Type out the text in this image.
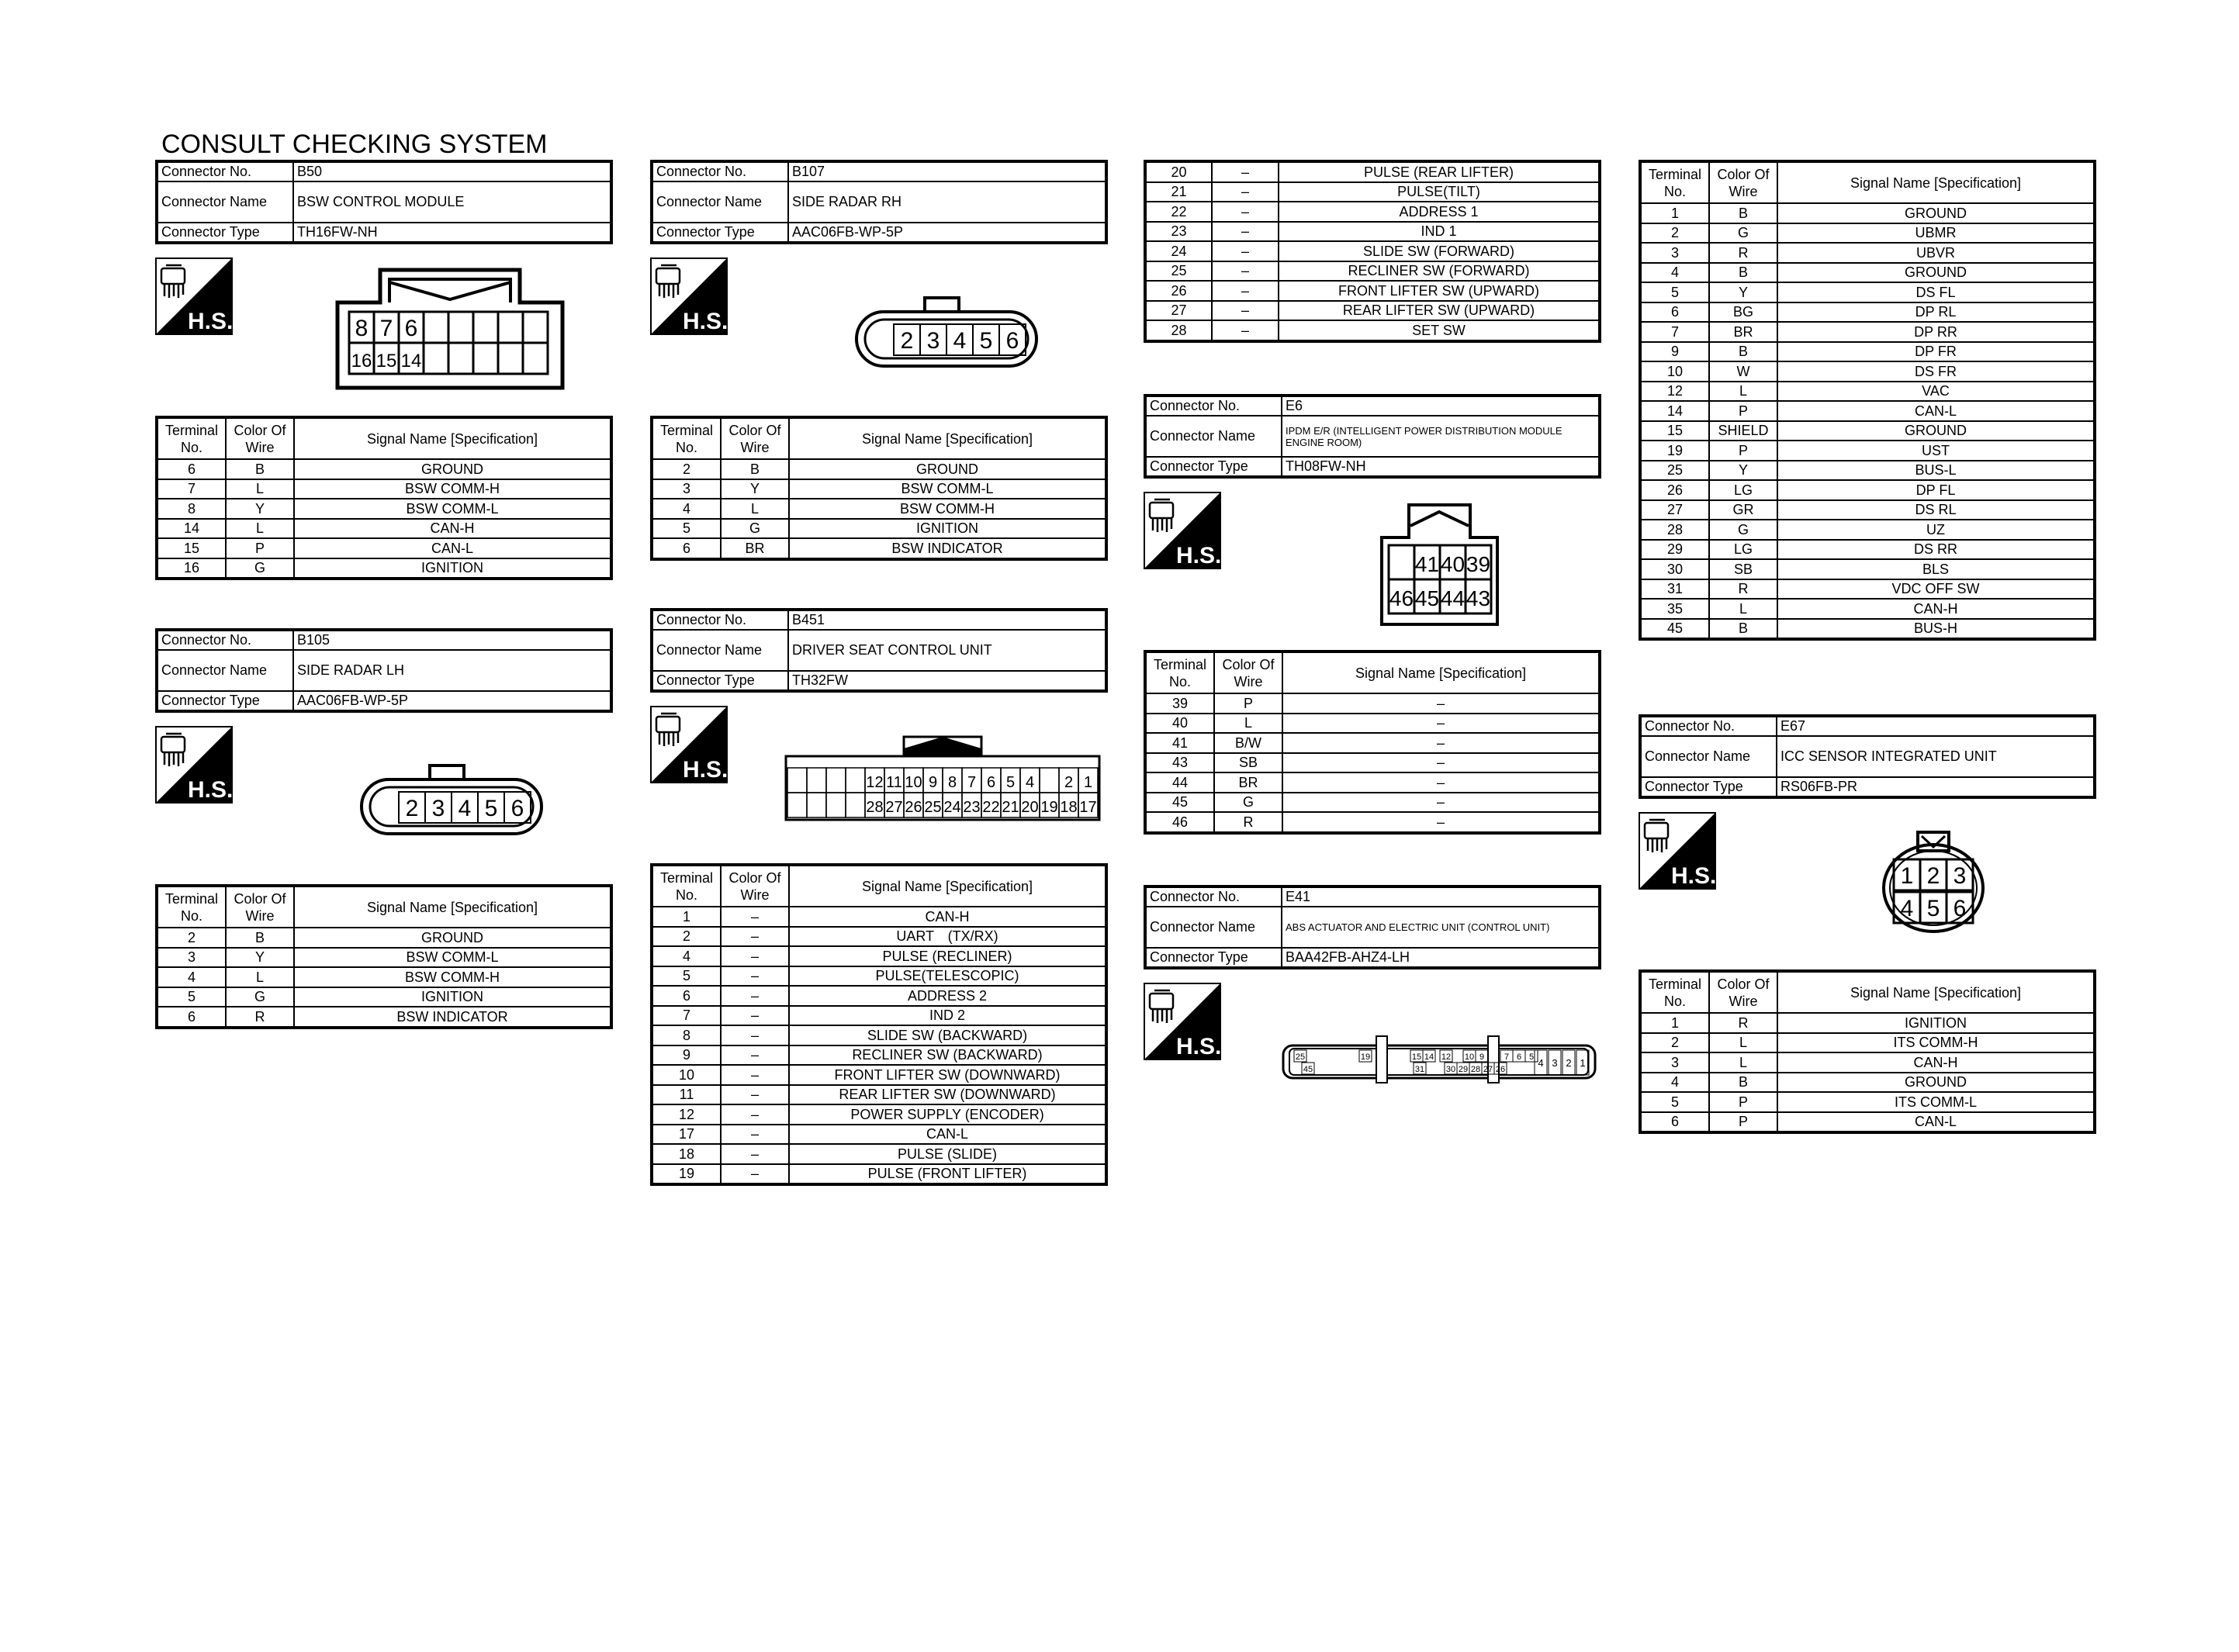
CONSULT CHECKING SYSTEM
Connector No.	B50
Connector Name	BSW CONTROL MODULE
Connector Type	TH16FW-NH
H.S.	8 7 6
16 15 14
Terminal
No.	Color Of
Wire	Signal Name [Specification]
6	B	GROUND
7	L	BSW COMM-H
8	Y	BSW COMM-L
14	L	CAN-H
15	P	CAN-L
16	G	IGNITION
Connector No.	B105
Connector Name	SIDE RADAR LH
Connector Type	AAC06FB-WP-5P
H.S.
2 3 4 5 6
Terminal
No.	Color Of
Wire	Signal Name [Specification]
2	B	GROUND
3	Y	BSW COMM-L
4	L	BSW COMM-H
5	G	IGNITION
6	R	BSW INDICATOR
Connector No.	B107
Connector Name	SIDE RADAR RH
Connector Type	AAC06FB-WP-5P
H.S.
2 3 4 5 6
Terminal
No.	Color Of
Wire	Signal Name [Specification]
2	B	GROUND
3	Y	BSW COMM-L
4	L	BSW COMM-H
5	G	IGNITION
6	BR	BSW INDICATOR
Connector No.	B451
Connector Name	DRIVER SEAT CONTROL UNIT
Connector Type	TH32FW
H.S.	12 11 10 9 8 7 6 5 4 2 1
28 27 26 25 24 23 22 21 20 19 18 17
Terminal
No.	Color Of
Wire	Signal Name [Specification]
1	–	CAN-H
2	–	UART　(TX/RX)
4	–	PULSE (RECLINER)
5	–	PULSE(TELESCOPIC)
6	–	ADDRESS 2
7	–	IND 2
8	–	SLIDE SW (BACKWARD)
9	–	RECLINER SW (BACKWARD)
10	–	FRONT LIFTER SW (DOWNWARD)
11	–	REAR LIFTER SW (DOWNWARD)
12	–	POWER SUPPLY (ENCODER)
17	–	CAN-L
18	–	PULSE (SLIDE)
19	–	PULSE (FRONT LIFTER)
20	–	PULSE (REAR LIFTER)
21	–	PULSE(TILT)
22	–	ADDRESS 1
23	–	IND 1
24	–	SLIDE SW (FORWARD)
25	–	RECLINER SW (FORWARD)
26	–	FRONT LIFTER SW (UPWARD)
27	–	REAR LIFTER SW (UPWARD)
28	–	SET SW
Connector No.	E6
Connector Name	IPDM E/R (INTELLIGENT POWER DISTRIBUTION MODULE ENGINE ROOM)
Connector Type	TH08FW-NH
H.S.	41 40 39
46 45 44 43
Terminal
No.	Color Of
Wire	Signal Name [Specification]
39	P	–
40	L	–
41	B/W	–
43	SB	–
44	BR	–
45	G	–
46	R	–
Connector No.	E41
Connector Name	ABS ACTUATOR AND ELECTRIC UNIT (CONTROL UNIT)
Connector Type	BAA42FB-AHZ4-LH
H.S.	25	19	15 14 12 10 9 7 6 5
45	31	30 29 28 27 26
4 3 2 1
Terminal
No.	Color Of
Wire	Signal Name [Specification]
1	B	GROUND
2	G	UBMR
3	R	UBVR
4	B	GROUND
5	Y	DS FL
6	BG	DP RL
7	BR	DP RR
9	B	DP FR
10	W	DS FR
12	L	VAC
14	P	CAN-L
15	SHIELD	GROUND
19	P	UST
25	Y	BUS-L
26	LG	DP FL
27	GR	DS RL
28	G	UZ
29	LG	DS RR
30	SB	BLS
31	R	VDC OFF SW
35	L	CAN-H
45	B	BUS-H
Connector No.	E67
Connector Name	ICC SENSOR INTEGRATED UNIT
Connector Type	RS06FB-PR
H.S.	1 2 3
4 5 6
Terminal
No.	Color Of
Wire	Signal Name [Specification]
1	R	IGNITION
2	L	ITS COMM-H
3	L	CAN-H
4	B	GROUND
5	P	ITS COMM-L
6	P	CAN-L
